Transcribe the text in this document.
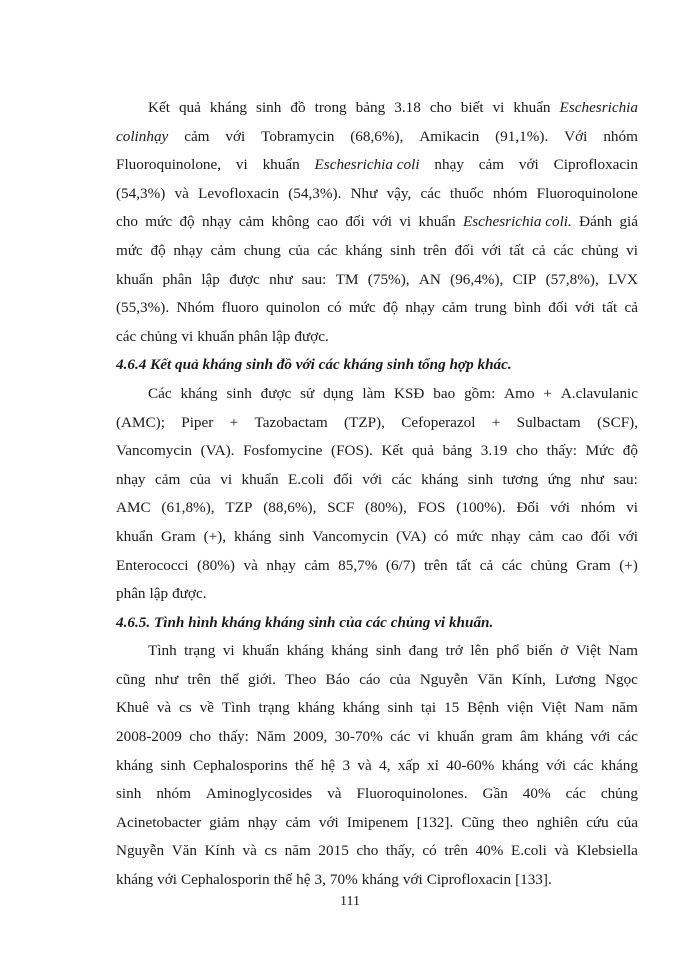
Kết quả kháng sinh đồ trong bảng 3.18 cho biết vi khuẩn Eschesrichia
colinhạy cảm với Tobramycin (68,6%), Amikacin (91,1%). Với nhóm
Fluoroquinolone, vi khuẩn Eschesrichia coli nhạy cảm với Ciprofloxacin
(54,3%) và Levofloxacin (54,3%). Như vậy, các thuốc nhóm Fluoroquinolone
cho mức độ nhạy cảm không cao đối với vi khuẩn Eschesrichia coli. Đánh giá
mức độ nhạy cảm chung của các kháng sinh trên đối với tất cả các chủng vi
khuẩn phân lập được như sau: TM (75%), AN (96,4%), CIP (57,8%), LVX
(55,3%). Nhóm fluoro quinolon có mức độ nhạy cảm trung bình đối với tất cả
các chủng vi khuẩn phân lập được.
4.6.4 Kết quả kháng sinh đồ với các kháng sinh tổng hợp khác.
Các kháng sinh được sử dụng làm KSĐ bao gồm: Amo + A.clavulanic
(AMC); Piper + Tazobactam (TZP), Cefoperazol + Sulbactam (SCF),
Vancomycin (VA). Fosfomycine (FOS). Kết quả bảng 3.19 cho thấy: Mức độ
nhạy cảm của vi khuẩn E.coli đối với các kháng sinh tương ứng như sau:
AMC (61,8%), TZP (88,6%), SCF (80%), FOS (100%). Đối với nhóm vi
khuẩn Gram (+), kháng sinh Vancomycin (VA) có mức nhạy cảm cao đối với
Enterococci (80%) và nhạy cảm 85,7% (6/7) trên tất cả các chủng Gram (+)
phân lập được.
4.6.5. Tình hình kháng kháng sinh của các chủng vi khuẩn.
Tình trạng vi khuẩn kháng kháng sinh đang trở lên phổ biến ở Việt Nam
cũng như trên thế giới. Theo Báo cáo của Nguyễn Văn Kính, Lương Ngọc
Khuê và cs về Tình trạng kháng kháng sinh tại 15 Bệnh viện Việt Nam năm
2008-2009 cho thấy: Năm 2009, 30-70% các vi khuẩn gram âm kháng với các
kháng sinh Cephalosporins thế hệ 3 và 4, xấp xỉ 40-60% kháng với các kháng
sinh nhóm Aminoglycosides và Fluoroquinolones. Gần 40% các chủng
Acinetobacter giảm nhạy cảm với Imipenem [132]. Cũng theo nghiên cứu của
Nguyễn Văn Kính và cs năm 2015 cho thấy, có trên 40% E.coli và Klebsiella
kháng với Cephalosporin thế hệ 3, 70% kháng với Ciprofloxacin [133].
111
